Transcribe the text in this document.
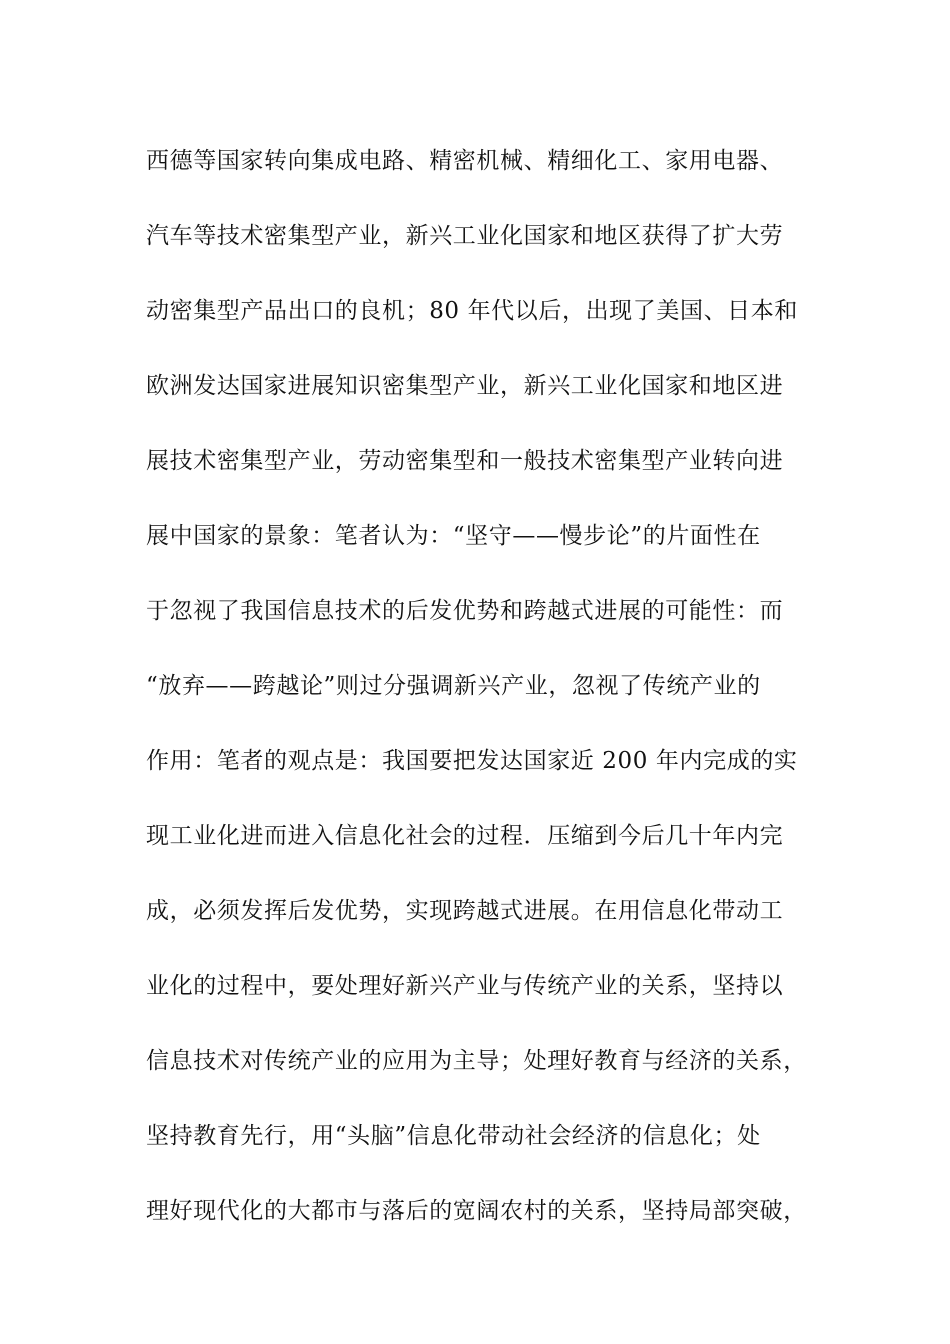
西德等国家转向集成电路、精密机械、精细化工、家用电器、

汽车等技术密集型产业，新兴工业化国家和地区获得了扩大劳

动密集型产品出口的良机；80 年代以后，出现了美国、日本和

欧洲发达国家进展知识密集型产业，新兴工业化国家和地区进

展技术密集型产业，劳动密集型和一般技术密集型产业转向进

展中国家的景象：笔者认为：“坚守——慢步论”的片面性在

于忽视了我国信息技术的后发优势和跨越式进展的可能性：而

“放弃——跨越论”则过分强调新兴产业，忽视了传统产业的

作用：笔者的观点是：我国要把发达国家近 200 年内完成的实

现工业化进而进入信息化社会的过程．压缩到今后几十年内完

成，必须发挥后发优势，实现跨越式进展。在用信息化带动工

业化的过程中，要处理好新兴产业与传统产业的关系，坚持以

信息技术对传统产业的应用为主导；处理好教育与经济的关系，

坚持教育先行，用“头脑”信息化带动社会经济的信息化；处

理好现代化的大都市与落后的宽阔农村的关系，坚持局部突破，
